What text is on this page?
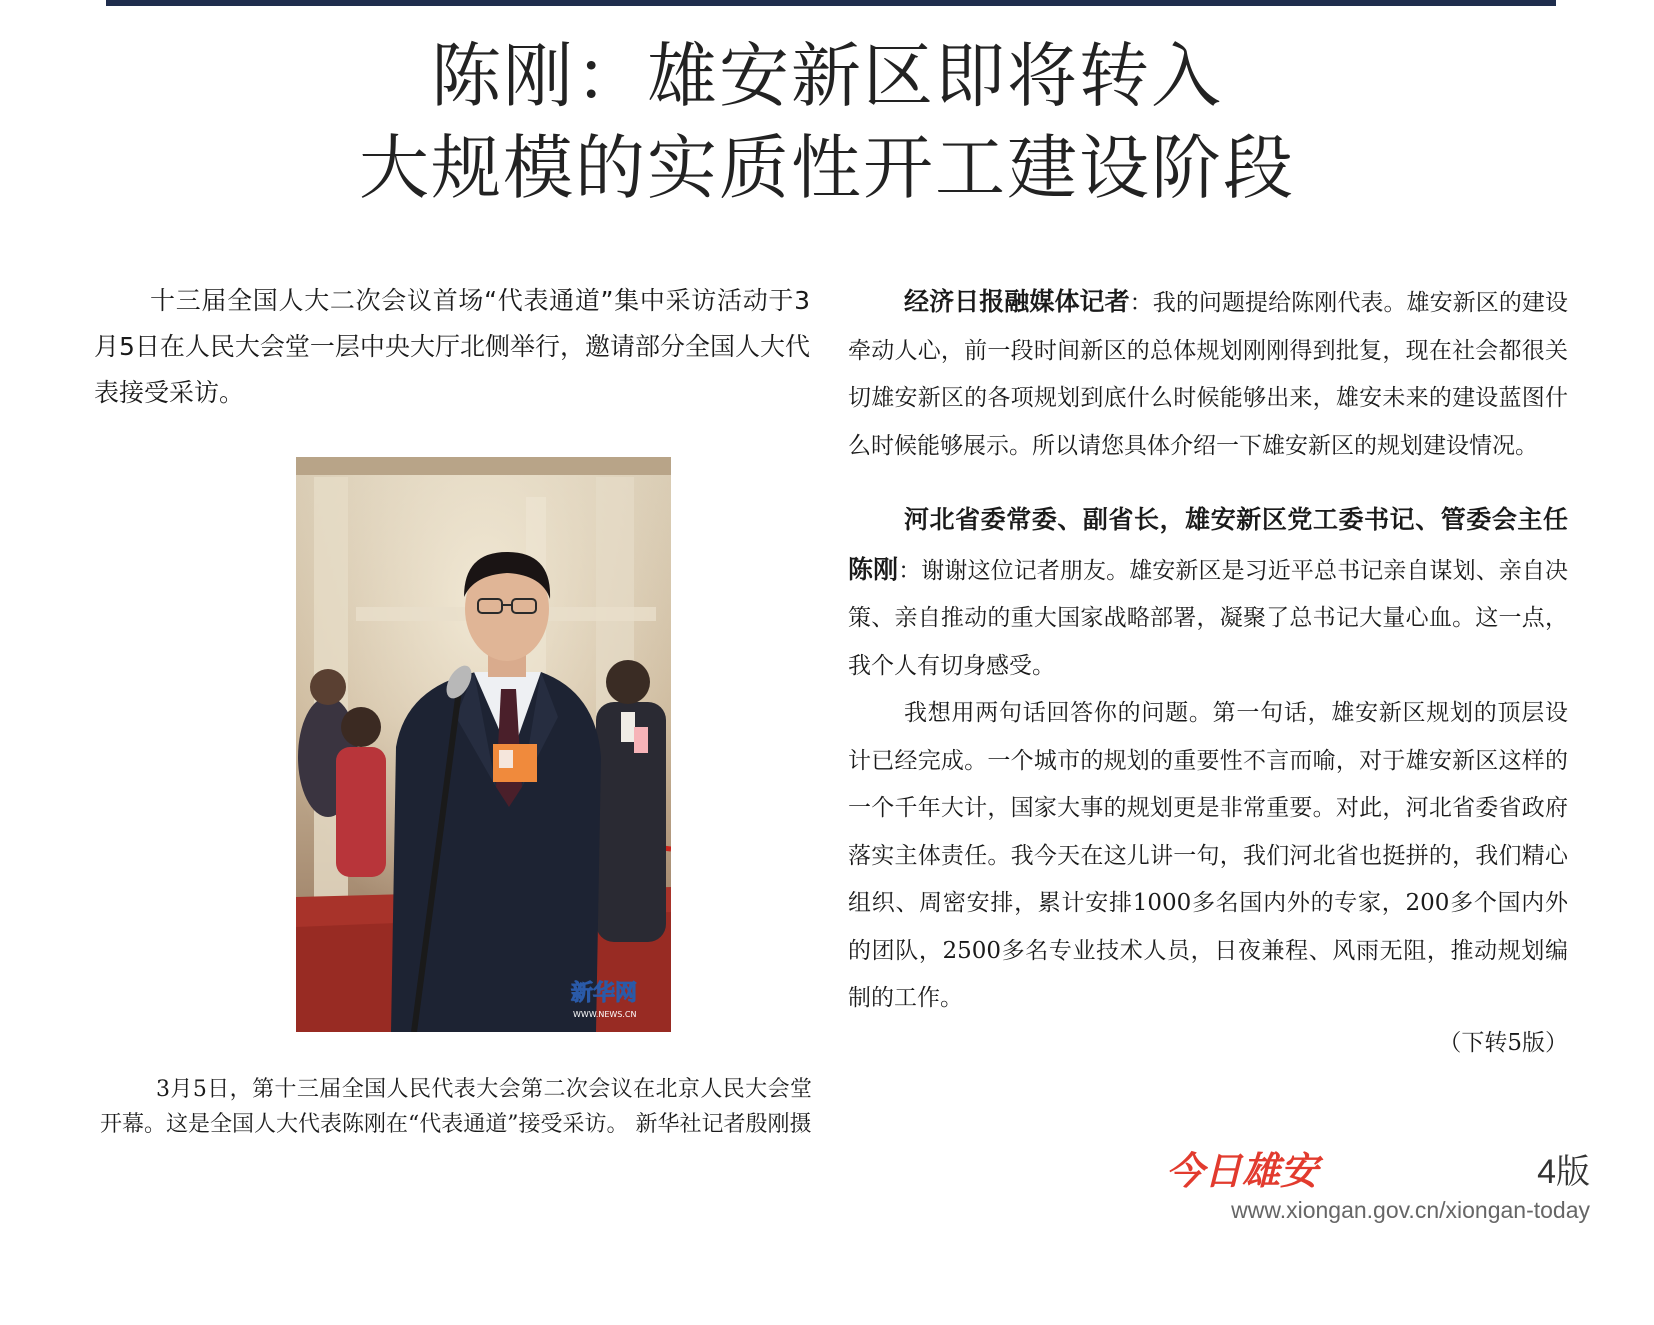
陈刚：雄安新区即将转入
大规模的实质性开工建设阶段

十三届全国人大二次会议首场“代表通道”集中采访活动于3月5日在人民大会堂一层中央大厅北侧举行，邀请部分全国人大代表接受采访。

新华网
WWW.NEWS.CN

3月5日，第十三届全国人民代表大会第二次会议在北京人民大会堂开幕。这是全国人大代表陈刚在“代表通道”接受采访。 新华社记者殷刚摄

经济日报融媒体记者：我的问题提给陈刚代表。雄安新区的建设牵动人心，前一段时间新区的总体规划刚刚得到批复，现在社会都很关切雄安新区的各项规划到底什么时候能够出来，雄安未来的建设蓝图什么时候能够展示。所以请您具体介绍一下雄安新区的规划建设情况。

河北省委常委、副省长，雄安新区党工委书记、管委会主任 陈刚：谢谢这位记者朋友。雄安新区是习近平总书记亲自谋划、亲自决策、亲自推动的重大国家战略部署，凝聚了总书记大量心血。这一点，我个人有切身感受。

我想用两句话回答你的问题。第一句话，雄安新区规划的顶层设计已经完成。一个城市的规划的重要性不言而喻，对于雄安新区这样的一个千年大计，国家大事的规划更是非常重要。对此，河北省委省政府落实主体责任。我今天在这儿讲一句，我们河北省也挺拼的，我们精心组织、周密安排，累计安排1000多名国内外的专家，200多个国内外的团队，2500多名专业技术人员，日夜兼程、风雨无阻，推动规划编制的工作。

（下转5版）

今日雄安	4版
www.xiongan.gov.cn/xiongan-today
